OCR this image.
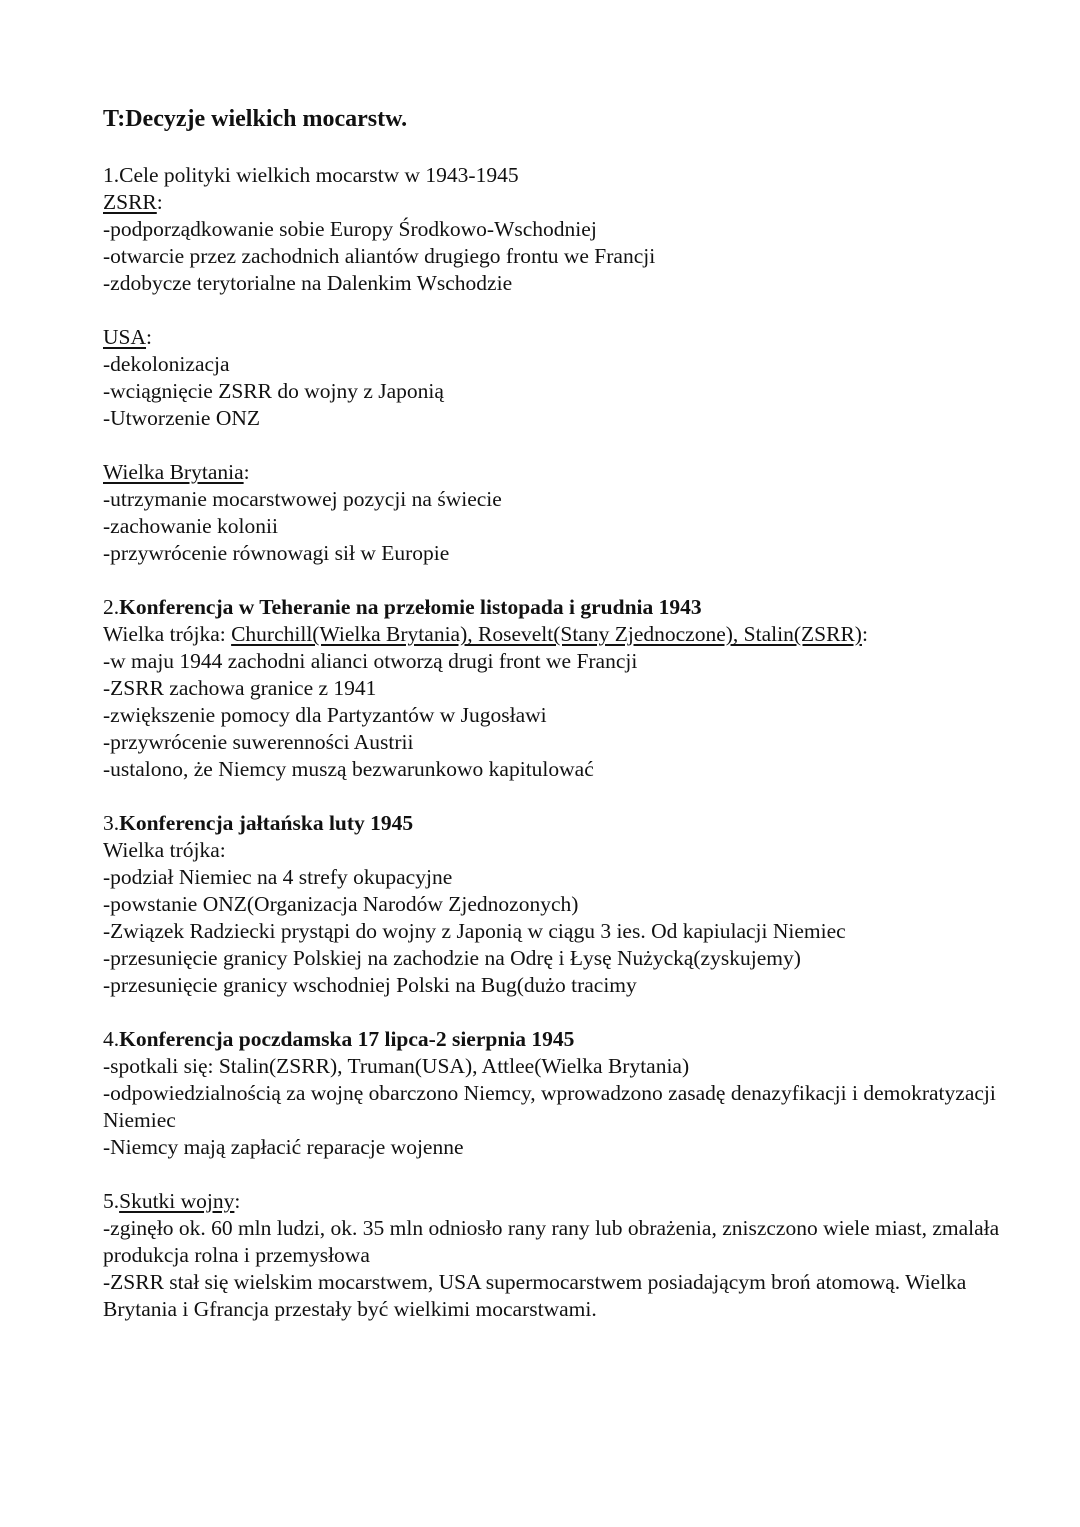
T:Decyzje wielkich mocarstw.
1.Cele polityki wielkich mocarstw w 1943-1945
ZSRR:
-podporządkowanie sobie Europy Środkowo-Wschodniej
-otwarcie przez zachodnich aliantów drugiego frontu we Francji
-zdobycze terytorialne na Dalenkim Wschodzie
USA:
-dekolonizacja
-wciągnięcie ZSRR do wojny z Japonią
-Utworzenie ONZ
Wielka Brytania:
-utrzymanie mocarstwowej pozycji na świecie
-zachowanie kolonii
-przywrócenie równowagi sił w Europie
2.Konferencja w Teheranie na przełomie listopada i grudnia 1943
Wielka trójka: Churchill(Wielka Brytania), Rosevelt(Stany Zjednoczone), Stalin(ZSRR):
-w maju 1944 zachodni alianci otworzą drugi front we Francji
-ZSRR zachowa granice z 1941
-zwiększenie pomocy dla Partyzantów w Jugosławi
-przywrócenie suwerenności Austrii
-ustalono, że Niemcy muszą bezwarunkowo kapitulować
3.Konferencja jałtańska luty 1945
Wielka trójka:
-podział Niemiec na 4 strefy okupacyjne
-powstanie ONZ(Organizacja Narodów Zjednozonych)
-Związek Radziecki prystąpi do wojny z Japonią w ciągu 3 ies. Od kapiulacji Niemiec
-przesunięcie granicy Polskiej na zachodzie na Odrę i Łysę Nużycką(zyskujemy)
-przesunięcie granicy wschodniej Polski na Bug(dużo tracimy
4.Konferencja poczdamska 17 lipca-2 sierpnia 1945
-spotkali się: Stalin(ZSRR), Truman(USA), Attlee(Wielka Brytania)
-odpowiedzialnością za wojnę obarczono Niemcy, wprowadzono zasadę denazyfikacji i demokratyzacji Niemiec
-Niemcy mają zapłacić reparacje wojenne
5.Skutki wojny:
-zginęło ok. 60 mln ludzi, ok. 35 mln odniosło rany rany lub obrażenia, zniszczono wiele miast, zmalała produkcja rolna i przemysłowa
-ZSRR stał się wielskim mocarstwem, USA supermocarstwem posiadającym broń atomową. Wielka Brytania i Gfrancja przestały być wielkimi mocarstwami.
